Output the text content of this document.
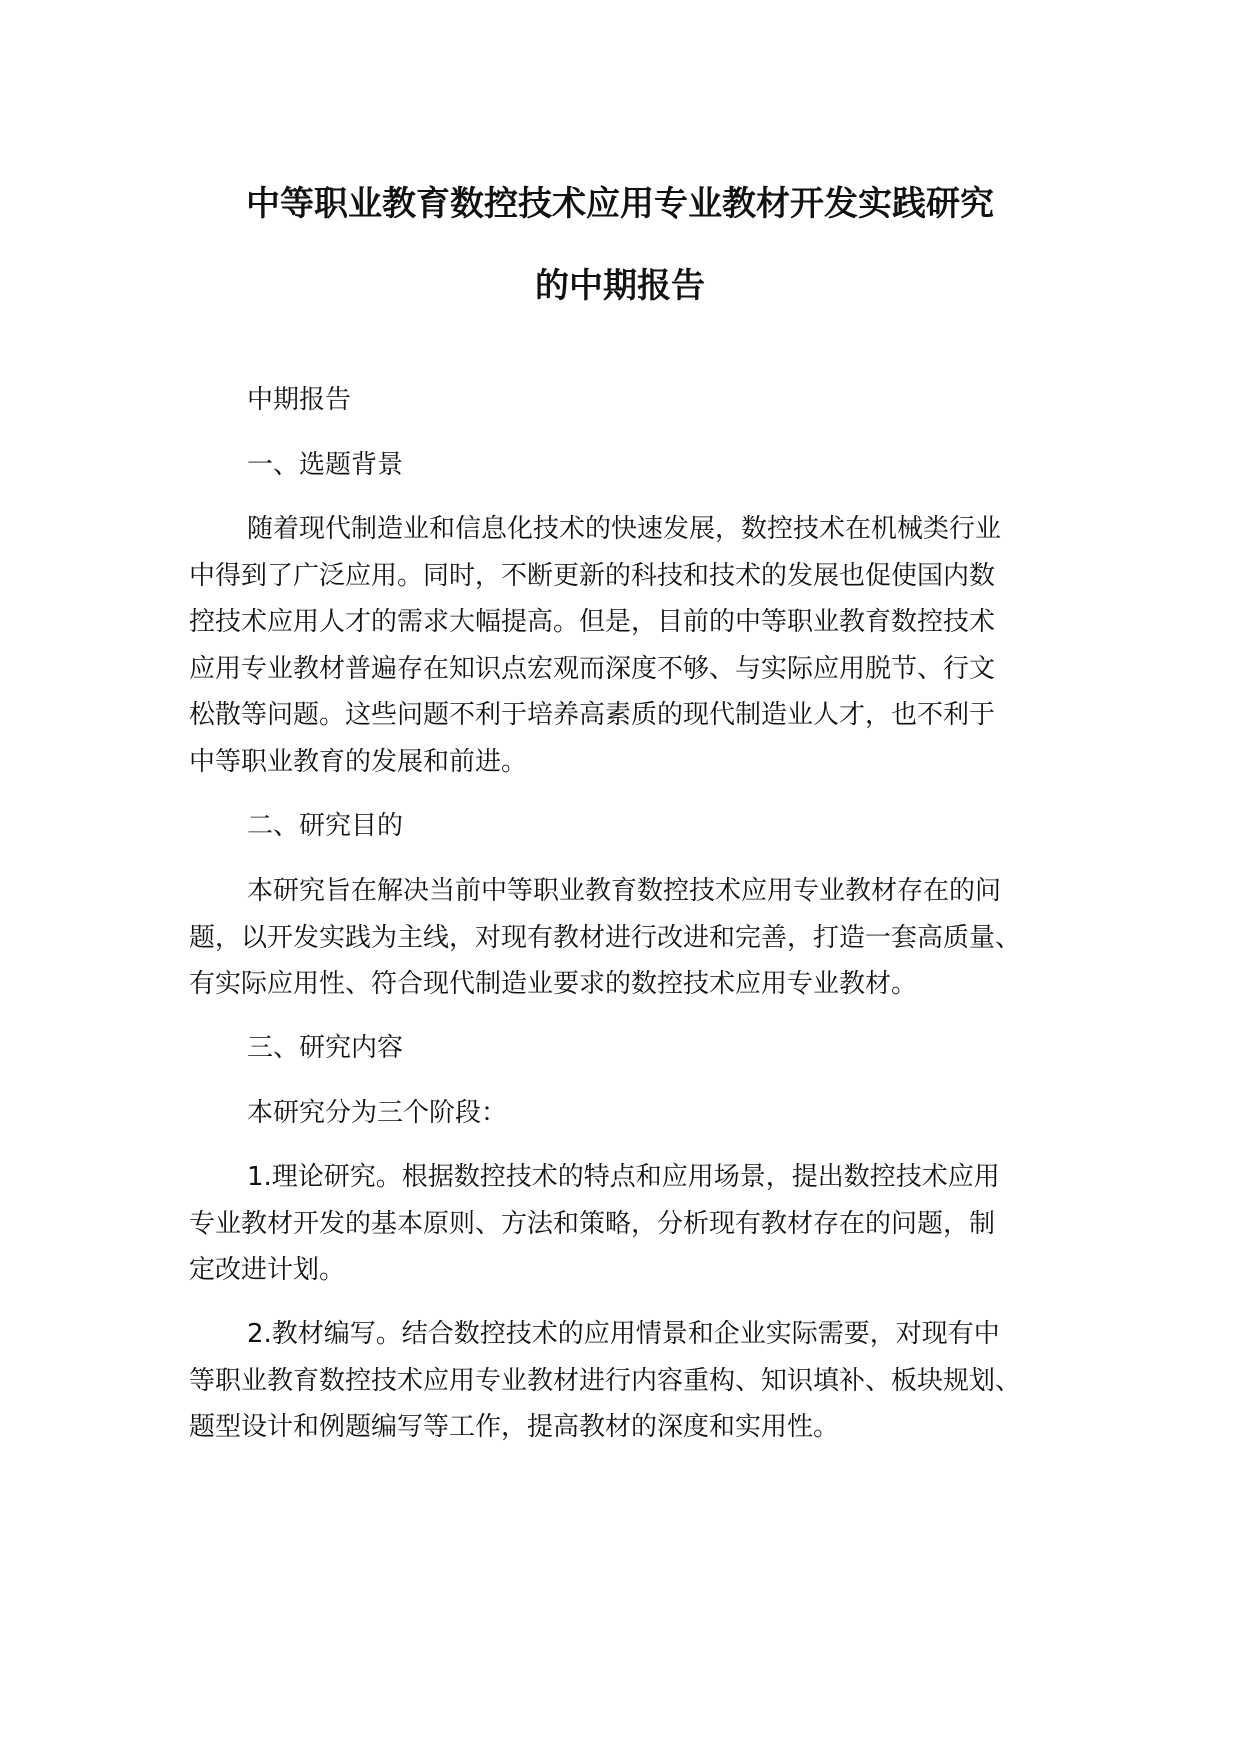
中等职业教育数控技术应用专业教材开发实践研究
的中期报告
中期报告
一、选题背景
随着现代制造业和信息化技术的快速发展，数控技术在机械类行业
中得到了广泛应用。同时，不断更新的科技和技术的发展也促使国内数
控技术应用人才的需求大幅提高。但是，目前的中等职业教育数控技术
应用专业教材普遍存在知识点宏观而深度不够、与实际应用脱节、行文
松散等问题。这些问题不利于培养高素质的现代制造业人才，也不利于
中等职业教育的发展和前进。
二、研究目的
本研究旨在解决当前中等职业教育数控技术应用专业教材存在的问
题，以开发实践为主线，对现有教材进行改进和完善，打造一套高质量、
有实际应用性、符合现代制造业要求的数控技术应用专业教材。
三、研究内容
本研究分为三个阶段：
1.理论研究。根据数控技术的特点和应用场景，提出数控技术应用
专业教材开发的基本原则、方法和策略，分析现有教材存在的问题，制
定改进计划。
2.教材编写。结合数控技术的应用情景和企业实际需要，对现有中
等职业教育数控技术应用专业教材进行内容重构、知识填补、板块规划、
题型设计和例题编写等工作，提高教材的深度和实用性。
